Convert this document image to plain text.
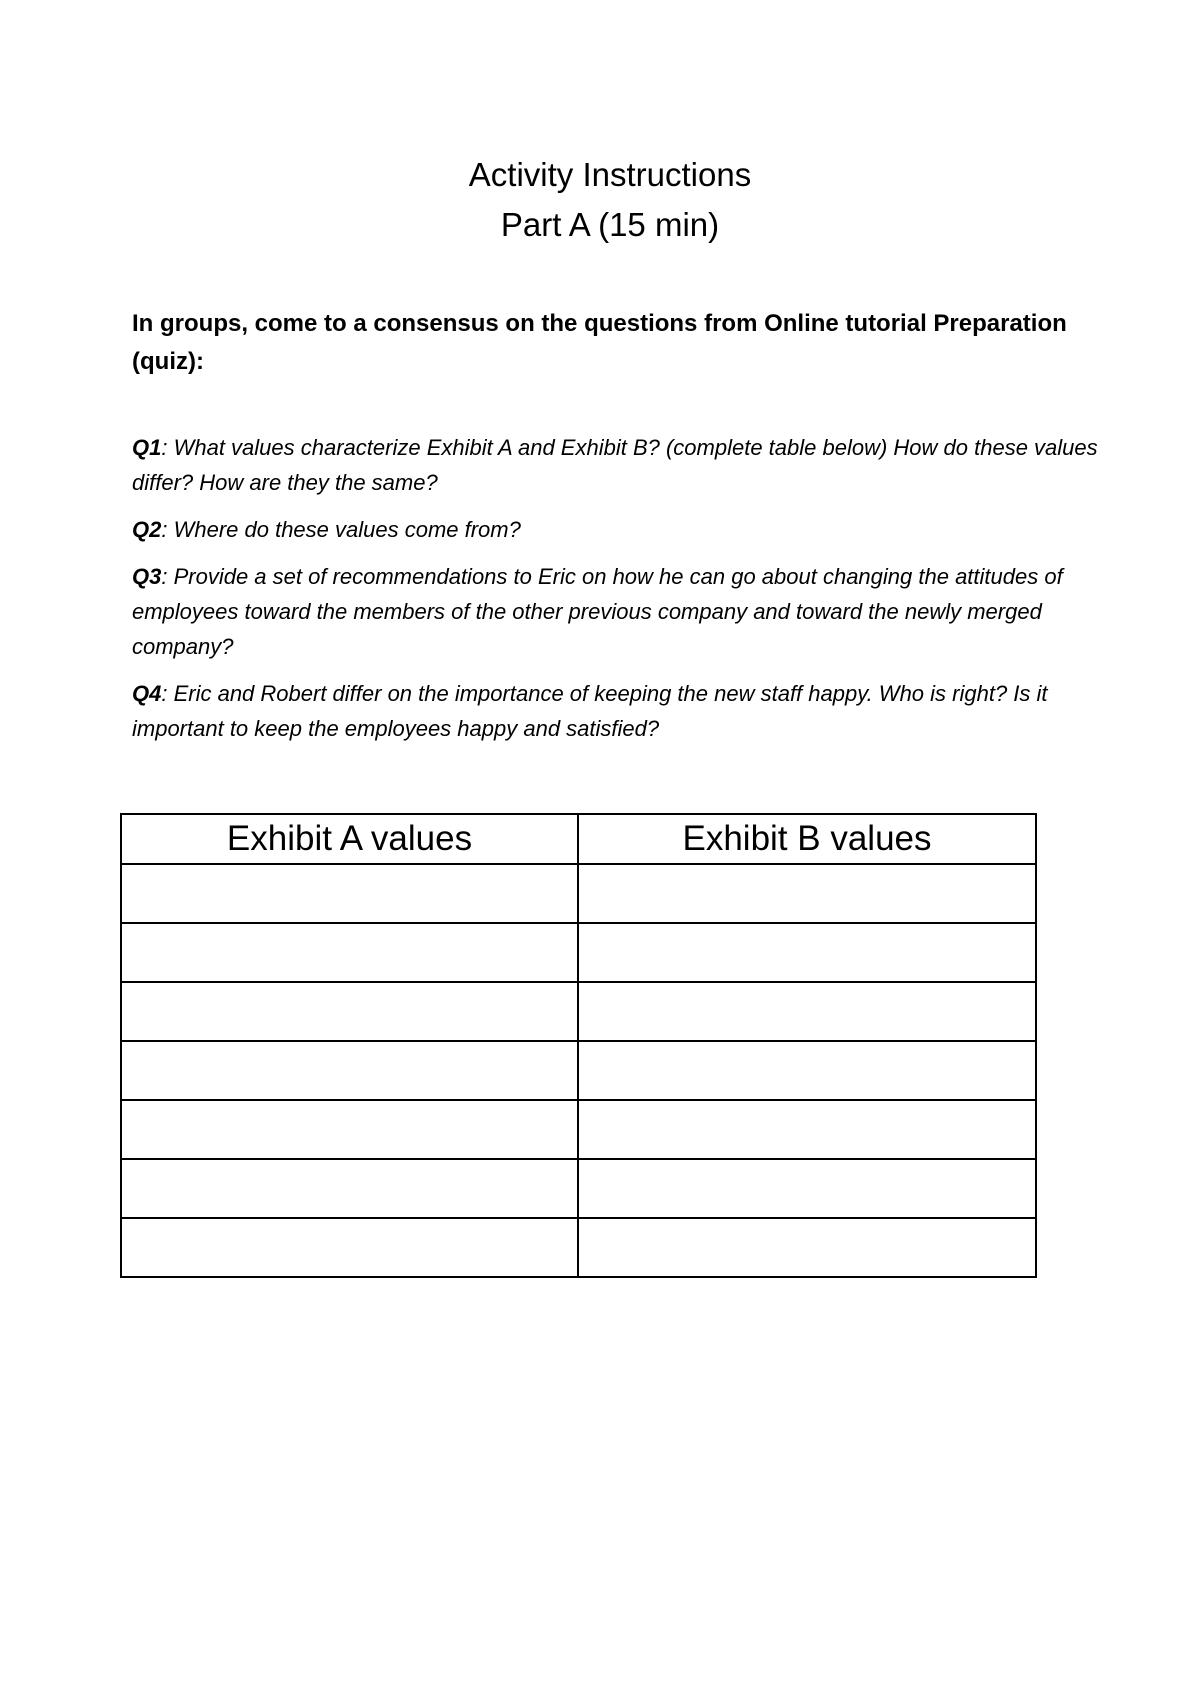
Activity Instructions
Part A (15 min)
In groups, come to a consensus on the questions from Online tutorial Preparation (quiz):

Q1: What values characterize Exhibit A and Exhibit B? (complete table below) How do these values differ? How are they the same?

Q2: Where do these values come from?

Q3: Provide a set of recommendations to Eric on how he can go about changing the attitudes of employees toward the members of the other previous company and toward the newly merged company?

Q4: Eric and Robert differ on the importance of keeping the new staff happy. Who is right? Is it important to keep the employees happy and satisfied?

Exhibit A values	Exhibit B values
